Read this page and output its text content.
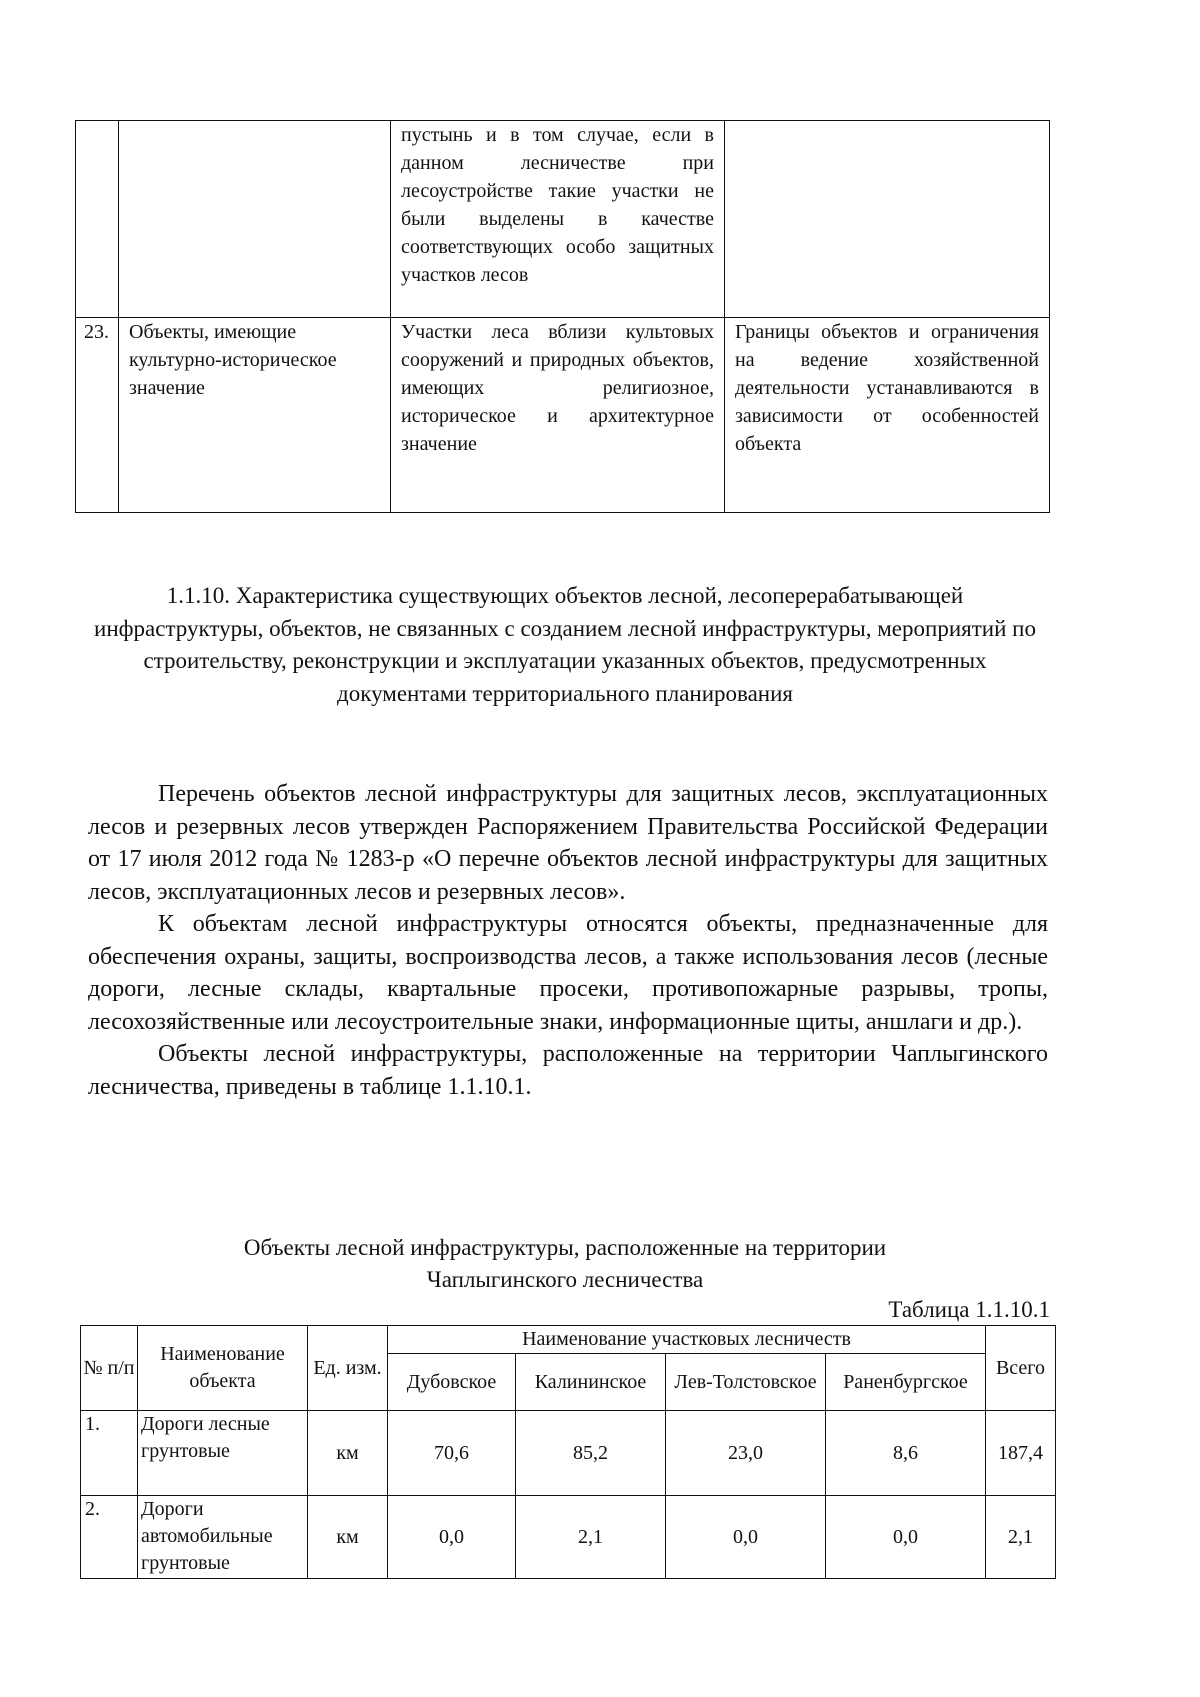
		пустынь и в том случае, если в данном лесничестве при лесоустройстве такие участки не были выделены в качестве соответствующих особо защитных участков лесов	
23.	Объекты, имеющие культурно-историческое значение	Участки леса вблизи культовых сооружений и природных объектов, имеющих религиозное, историческое и архитектурное значение	Границы объектов и ограничения на ведение хозяйственной деятельности устанавливаются в зависимости от особенностей объекта
1.1.10. Характеристика существующих объектов лесной, лесоперерабатывающей инфраструктуры, объектов, не связанных с созданием лесной инфраструктуры, мероприятий по строительству, реконструкции и эксплуатации указанных объектов, предусмотренных документами территориального планирования

Перечень объектов лесной инфраструктуры для защитных лесов, эксплуатационных лесов и резервных лесов утвержден Распоряжением Правительства Российской Федерации от 17 июля 2012 года № 1283-р «О перечне объектов лесной инфраструктуры для защитных лесов, эксплуатационных лесов и резервных лесов».

К объектам лесной инфраструктуры относятся объекты, предназначенные для обеспечения охраны, защиты, воспроизводства лесов, а также использования лесов (лесные дороги, лесные склады, квартальные просеки, противопожарные разрывы, тропы, лесохозяйственные или лесоустроительные знаки, информационные щиты, аншлаги и др.).

Объекты лесной инфраструктуры, расположенные на территории Чаплыгинского лесничества, приведены в таблице 1.1.10.1.

Объекты лесной инфраструктуры, расположенные на территории
Чаплыгинского лесничества
Таблица 1.1.10.1
№ п/п	Наименование объекта	Ед. изм.	Наименование участковых лесничеств				Всего
			Дубовское	Калининское	Лев-Толстовское	Раненбургское	
1.	Дороги лесные грунтовые	км	70,6	85,2	23,0	8,6	187,4
2.	Дороги автомобильные грунтовые	км	0,0	2,1	0,0	0,0	2,1
